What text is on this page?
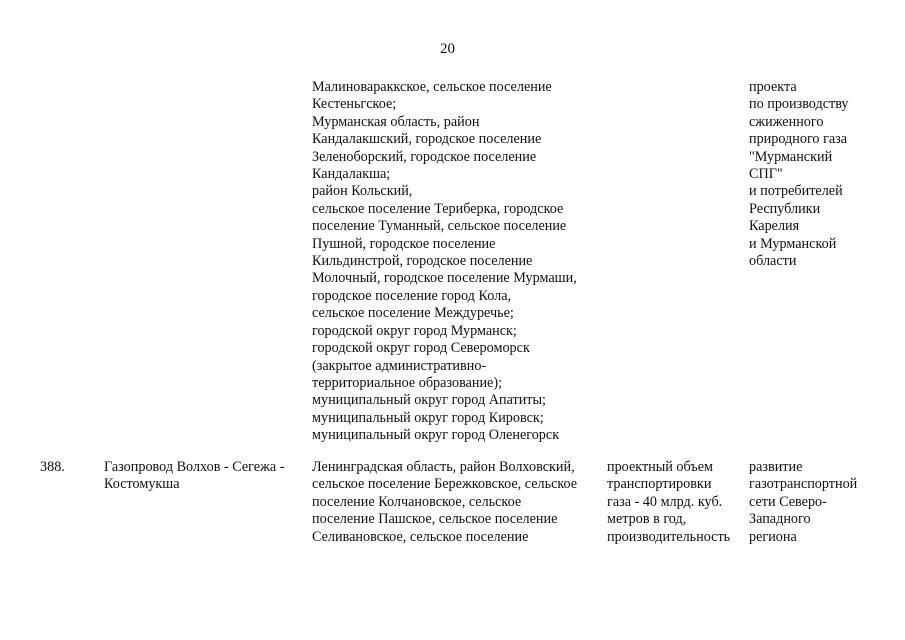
20
Малиновараккское, сельское поселение
Кестеньгское;
Мурманская область, район
Кандалакшский, городское поселение
Зеленоборский, городское поселение
Кандалакша;
район Кольский,
сельское поселение Териберка, городское
поселение Туманный, сельское поселение
Пушной, городское поселение
Кильдинстрой, городское поселение
Молочный, городское поселение Мурмаши,
городское поселение город Кола,
сельское поселение Междуречье;
городской округ город Мурманск;
городской округ город Североморск
(закрытое административно-
территориальное образование);
муниципальный округ город Апатиты;
муниципальный округ город Кировск;
муниципальный округ город Оленегорск
проекта
по производству
сжиженного
природного газа
"Мурманский
СПГ"
и потребителей
Республики
Карелия
и Мурманской
области
388.	Газопровод Волхов - Сегежа -
Костомукша
Ленинградская область, район Волховский,
сельское поселение Бережковское, сельское
поселение Колчановское, сельское
поселение Пашское, сельское поселение
Селивановское, сельское поселение
проектный объем
транспортировки
газа - 40 млрд. куб.
метров в год,
производительность
развитие
газотранспортной
сети Северо-
Западного
региона
